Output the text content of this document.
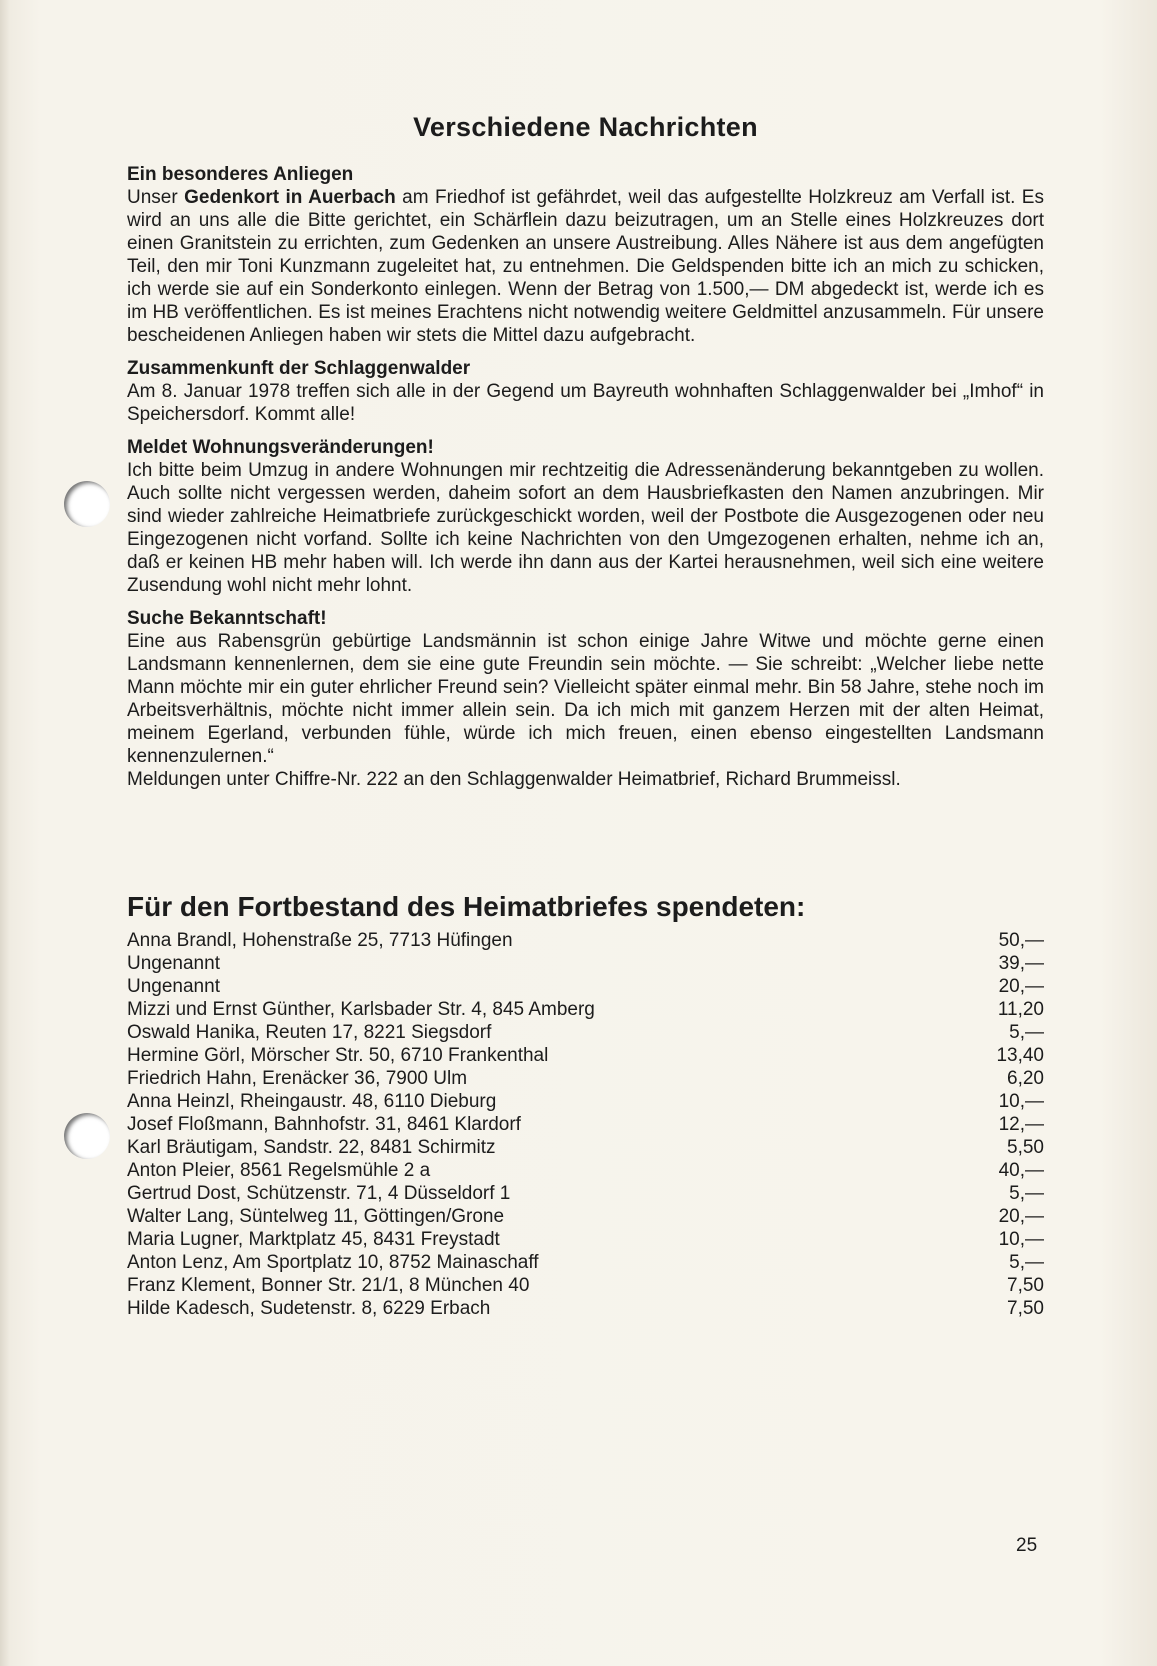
Verschiedene Nachrichten
Ein besonderes Anliegen

Unser Gedenkort in Auerbach am Friedhof ist gefährdet, weil das aufgestellte Holzkreuz am Verfall ist. Es wird an uns alle die Bitte gerichtet, ein Schärflein dazu beizutragen, um an Stelle eines Holzkreuzes dort einen Granitstein zu errichten, zum Gedenken an unsere Austreibung. Alles Nähere ist aus dem angefügten Teil, den mir Toni Kunzmann zugeleitet hat, zu entnehmen. Die Geldspenden bitte ich an mich zu schicken, ich werde sie auf ein Sonderkonto einlegen. Wenn der Betrag von 1.500,— DM abgedeckt ist, werde ich es im HB veröffentlichen. Es ist meines Erachtens nicht notwendig weitere Geldmittel anzusammeln. Für unsere bescheidenen Anliegen haben wir stets die Mittel dazu aufgebracht.

Zusammenkunft der Schlaggenwalder

Am 8. Januar 1978 treffen sich alle in der Gegend um Bayreuth wohnhaften Schlaggenwalder bei „Imhof“ in Speichersdorf. Kommt alle!

Meldet Wohnungsveränderungen!

Ich bitte beim Umzug in andere Wohnungen mir rechtzeitig die Adressenänderung bekanntgeben zu wollen. Auch sollte nicht vergessen werden, daheim sofort an dem Hausbriefkasten den Namen anzubringen. Mir sind wieder zahlreiche Heimatbriefe zurückgeschickt worden, weil der Postbote die Ausgezogenen oder neu Eingezogenen nicht vorfand. Sollte ich keine Nachrichten von den Umgezogenen erhalten, nehme ich an, daß er keinen HB mehr haben will. Ich werde ihn dann aus der Kartei herausnehmen, weil sich eine weitere Zusendung wohl nicht mehr lohnt.

Suche Bekanntschaft!

Eine aus Rabensgrün gebürtige Landsmännin ist schon einige Jahre Witwe und möchte gerne einen Landsmann kennenlernen, dem sie eine gute Freundin sein möchte. — Sie schreibt: „Welcher liebe nette Mann möchte mir ein guter ehrlicher Freund sein? Vielleicht später einmal mehr. Bin 58 Jahre, stehe noch im Arbeitsverhältnis, möchte nicht immer allein sein. Da ich mich mit ganzem Herzen mit der alten Heimat, meinem Egerland, verbunden fühle, würde ich mich freuen, einen ebenso eingestellten Landsmann kennenzulernen.“

Meldungen unter Chiffre-Nr. 222 an den Schlaggenwalder Heimatbrief, Richard Brummeissl.

Für den Fortbestand des Heimatbriefes spendeten:
Anna Brandl, Hohenstraße 25, 7713 Hüfingen	50,—
Ungenannt	39,—
Ungenannt	20,—
Mizzi und Ernst Günther, Karlsbader Str. 4, 845 Amberg	11,20
Oswald Hanika, Reuten 17, 8221 Siegsdorf	5,—
Hermine Görl, Mörscher Str. 50, 6710 Frankenthal	13,40
Friedrich Hahn, Erenäcker 36, 7900 Ulm	6,20
Anna Heinzl, Rheingaustr. 48, 6110 Dieburg	10,—
Josef Floßmann, Bahnhofstr. 31, 8461 Klardorf	12,—
Karl Bräutigam, Sandstr. 22, 8481 Schirmitz	5,50
Anton Pleier, 8561 Regelsmühle 2 a	40,—
Gertrud Dost, Schützenstr. 71, 4 Düsseldorf 1	5,—
Walter Lang, Süntelweg 11, Göttingen/Grone	20,—
Maria Lugner, Marktplatz 45, 8431 Freystadt	10,—
Anton Lenz, Am Sportplatz 10, 8752 Mainaschaff	5,—
Franz Klement, Bonner Str. 21/1, 8 München 40	7,50
Hilde Kadesch, Sudetenstr. 8, 6229 Erbach	7,50
25
